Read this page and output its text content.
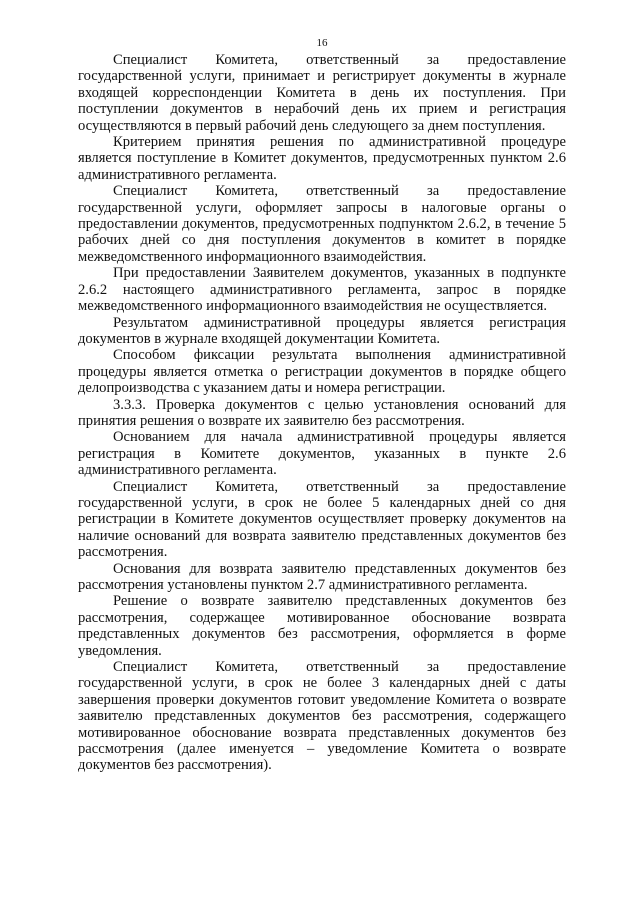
16

Специалист Комитета, ответственный за предоставление государственной услуги, принимает и регистрирует документы в журнале входящей корреспонденции Комитета в день их поступления. При поступлении документов в нерабочий день их прием и регистрация осуществляются в первый рабочий день следующего за днем поступления.

Критерием принятия решения по административной процедуре является поступление в Комитет документов, предусмотренных пунктом 2.6 административного регламента.

Специалист Комитета, ответственный за предоставление государственной услуги, оформляет запросы в налоговые органы о предоставлении документов, предусмотренных подпунктом 2.6.2, в течение 5 рабочих дней со дня поступления документов в комитет в порядке межведомственного информационного взаимодействия.

При предоставлении Заявителем документов, указанных в подпункте 2.6.2 настоящего административного регламента, запрос в порядке межведомственного информационного взаимодействия не осуществляется.

Результатом административной процедуры является регистрация документов в журнале входящей документации Комитета.

Способом фиксации результата выполнения административной процедуры является отметка о регистрации документов в порядке общего делопроизводства с указанием даты и номера регистрации.

3.3.3. Проверка документов с целью установления оснований для принятия решения о возврате их заявителю без рассмотрения.

Основанием для начала административной процедуры является регистрация в Комитете документов, указанных в пункте 2.6 административного регламента.

Специалист Комитета, ответственный за предоставление государственной услуги, в срок не более 5 календарных дней со дня регистрации в Комитете документов осуществляет проверку документов на наличие оснований для возврата заявителю представленных документов без рассмотрения.

Основания для возврата заявителю представленных документов без рассмотрения установлены пунктом 2.7 административного регламента.

Решение о возврате заявителю представленных документов без рассмотрения, содержащее мотивированное обоснование возврата представленных документов без рассмотрения, оформляется в форме уведомления.

Специалист Комитета, ответственный за предоставление государственной услуги, в срок не более 3 календарных дней с даты завершения проверки документов готовит уведомление Комитета о возврате заявителю представленных документов без рассмотрения, содержащего мотивированное обоснование возврата представленных документов без рассмотрения (далее именуется – уведомление Комитета о возврате документов без рассмотрения).
